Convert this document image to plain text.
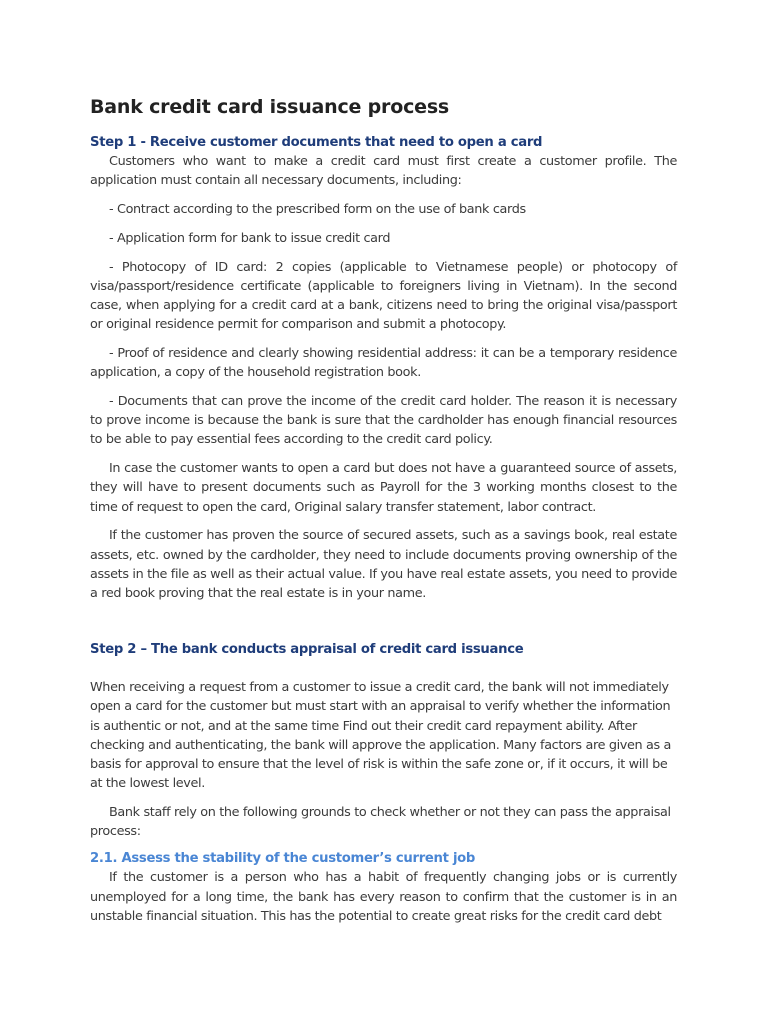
Bank credit card issuance process
Step 1 - Receive customer documents that need to open a card

Customers who want to make a credit card must first create a customer profile. The application must contain all necessary documents, including:

- Contract according to the prescribed form on the use of bank cards

- Application form for bank to issue credit card

- Photocopy of ID card: 2 copies (applicable to Vietnamese people) or photocopy of visa/passport/residence certificate (applicable to foreigners living in Vietnam). In the second case, when applying for a credit card at a bank, citizens need to bring the original visa/passport or original residence permit for comparison and submit a photocopy.

- Proof of residence and clearly showing residential address: it can be a temporary residence application, a copy of the household registration book.

- Documents that can prove the income of the credit card holder. The reason it is necessary to prove income is because the bank is sure that the cardholder has enough financial resources to be able to pay essential fees according to the credit card policy.

In case the customer wants to open a card but does not have a guaranteed source of assets, they will have to present documents such as Payroll for the 3 working months closest to the time of request to open the card, Original salary transfer statement, labor contract.

If the customer has proven the source of secured assets, such as a savings book, real estate assets, etc. owned by the cardholder, they need to include documents proving ownership of the assets in the file as well as their actual value. If you have real estate assets, you need to provide a red book proving that the real estate is in your name.

Step 2 – The bank conducts appraisal of credit card issuance

When receiving a request from a customer to issue a credit card, the bank will not immediately open a card for the customer but must start with an appraisal to verify whether the information is authentic or not, and at the same time Find out their credit card repayment ability. After checking and authenticating, the bank will approve the application. Many factors are given as a basis for approval to ensure that the level of risk is within the safe zone or, if it occurs, it will be at the lowest level.

Bank staff rely on the following grounds to check whether or not they can pass the appraisal process:

2.1. Assess the stability of the customer’s current job

If the customer is a person who has a habit of frequently changing jobs or is currently unemployed for a long time, the bank has every reason to confirm that the customer is in an unstable financial situation. This has the potential to create great risks for the credit card debt
